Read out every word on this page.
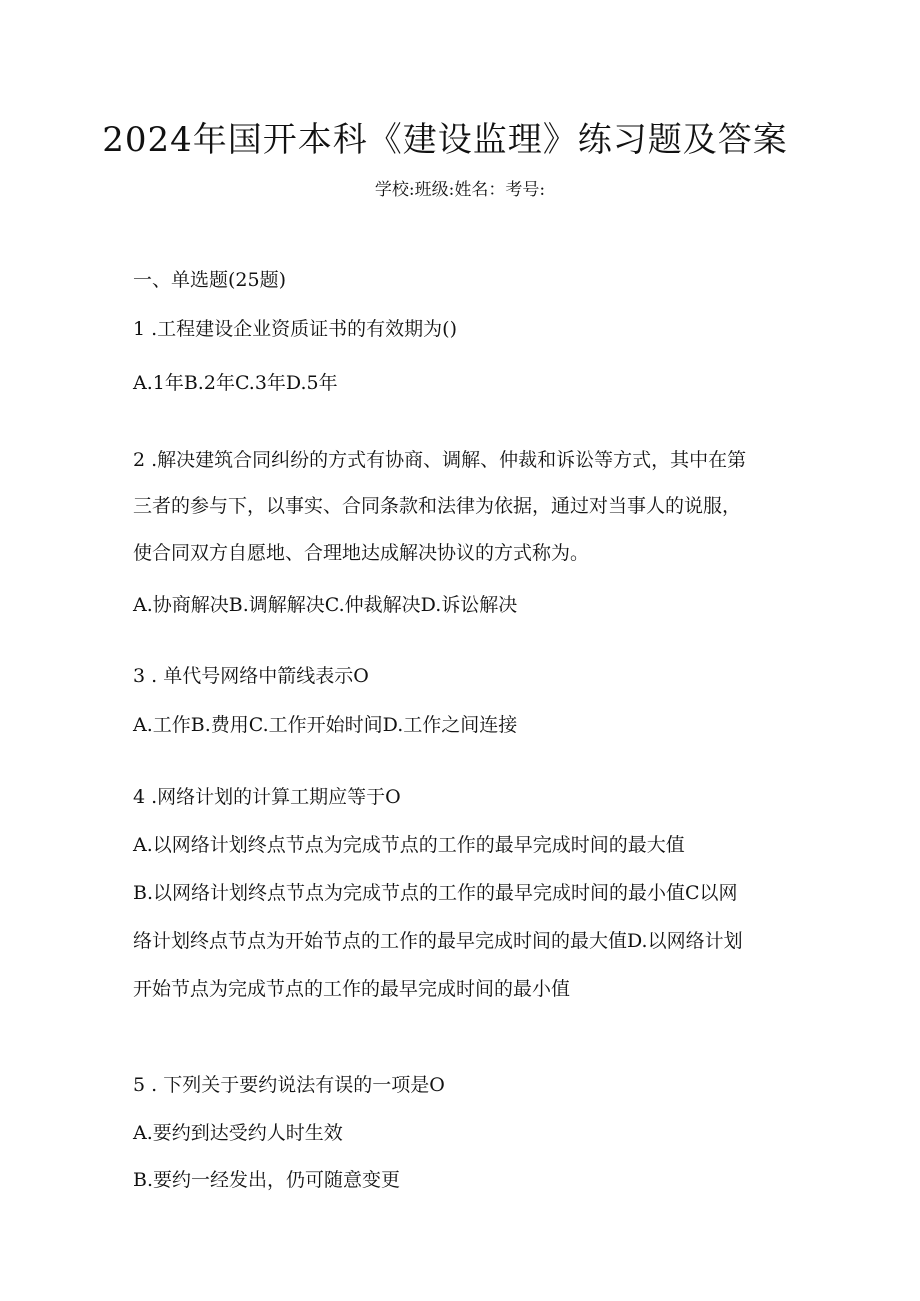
2024年国开本科《建设监理》练习题及答案
学校:班级:姓名：考号:
一、单选题(25题)
1 .工程建设企业资质证书的有效期为()
A.1年B.2年C.3年D.5年
2 .解决建筑合同纠纷的方式有协商、调解、仲裁和诉讼等方式，其中在第
三者的参与下，以事实、合同条款和法律为依据，通过对当事人的说服，
使合同双方自愿地、合理地达成解决协议的方式称为。
A.协商解决B.调解解决C.仲裁解决D.诉讼解决
3 . 单代号网络中箭线表示O
A.工作B.费用C.工作开始时间D.工作之间连接
4 .网络计划的计算工期应等于O
A.以网络计划终点节点为完成节点的工作的最早完成时间的最大值
B.以网络计划终点节点为完成节点的工作的最早完成时间的最小值C以网
络计划终点节点为开始节点的工作的最早完成时间的最大值D.以网络计划
开始节点为完成节点的工作的最早完成时间的最小值
5 . 下列关于要约说法有误的一项是O
A.要约到达受约人时生效
B.要约一经发出，仍可随意变更
